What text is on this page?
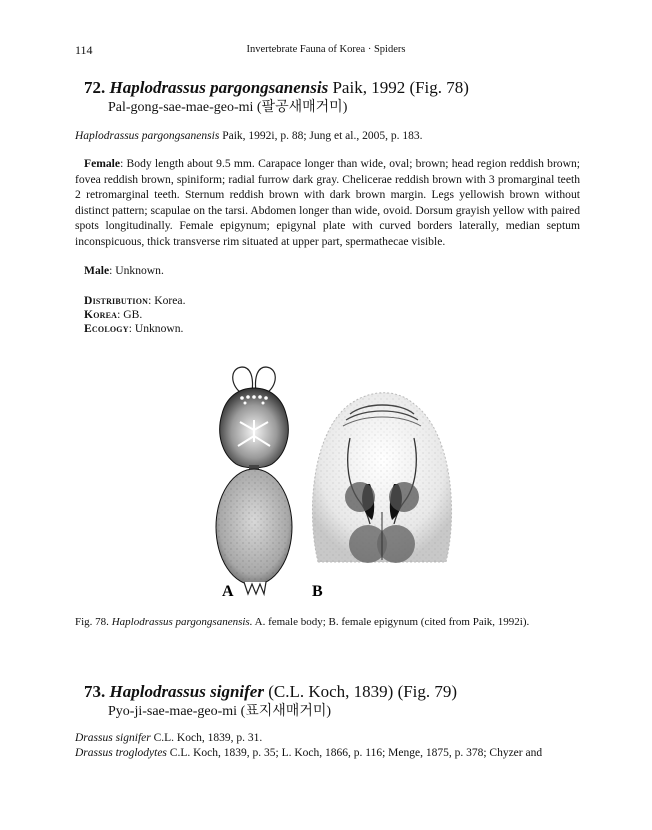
114	Invertebrate Fauna of Korea · Spiders
72. Haplodrassus pargongsanensis Paik, 1992 (Fig. 78)
Pal-gong-sae-mae-geo-mi (팔공새매거미)
Haplodrassus pargongsanensis Paik, 1992i, p. 88; Jung et al., 2005, p. 183.
Female: Body length about 9.5 mm. Carapace longer than wide, oval; brown; head region reddish brown; fovea reddish brown, spiniform; radial furrow dark gray. Chelicerae reddish brown with 3 promarginal teeth 2 retromarginal teeth. Sternum reddish brown with dark brown margin. Legs yellowish brown without distinct pattern; scapulae on the tarsi. Abdomen longer than wide, ovoid. Dorsum grayish yellow with paired spots longitudinally. Female epigynum; epigynal plate with curved borders laterally, median septum inconspicuous, thick transverse rim situated at upper part, spermathecae visible.
Male: Unknown.
Distribution: Korea.
Korea: GB.
Ecology: Unknown.
A	B
Fig. 78. Haplodrassus pargongsanensis. A. female body; B. female epigynum (cited from Paik, 1992i).
73. Haplodrassus signifer (C.L. Koch, 1839) (Fig. 79)
Pyo-ji-sae-mae-geo-mi (표지새매거미)
Drassus signifer C.L. Koch, 1839, p. 31.
Drassus troglodytes C.L. Koch, 1839, p. 35; L. Koch, 1866, p. 116; Menge, 1875, p. 378; Chyzer and
